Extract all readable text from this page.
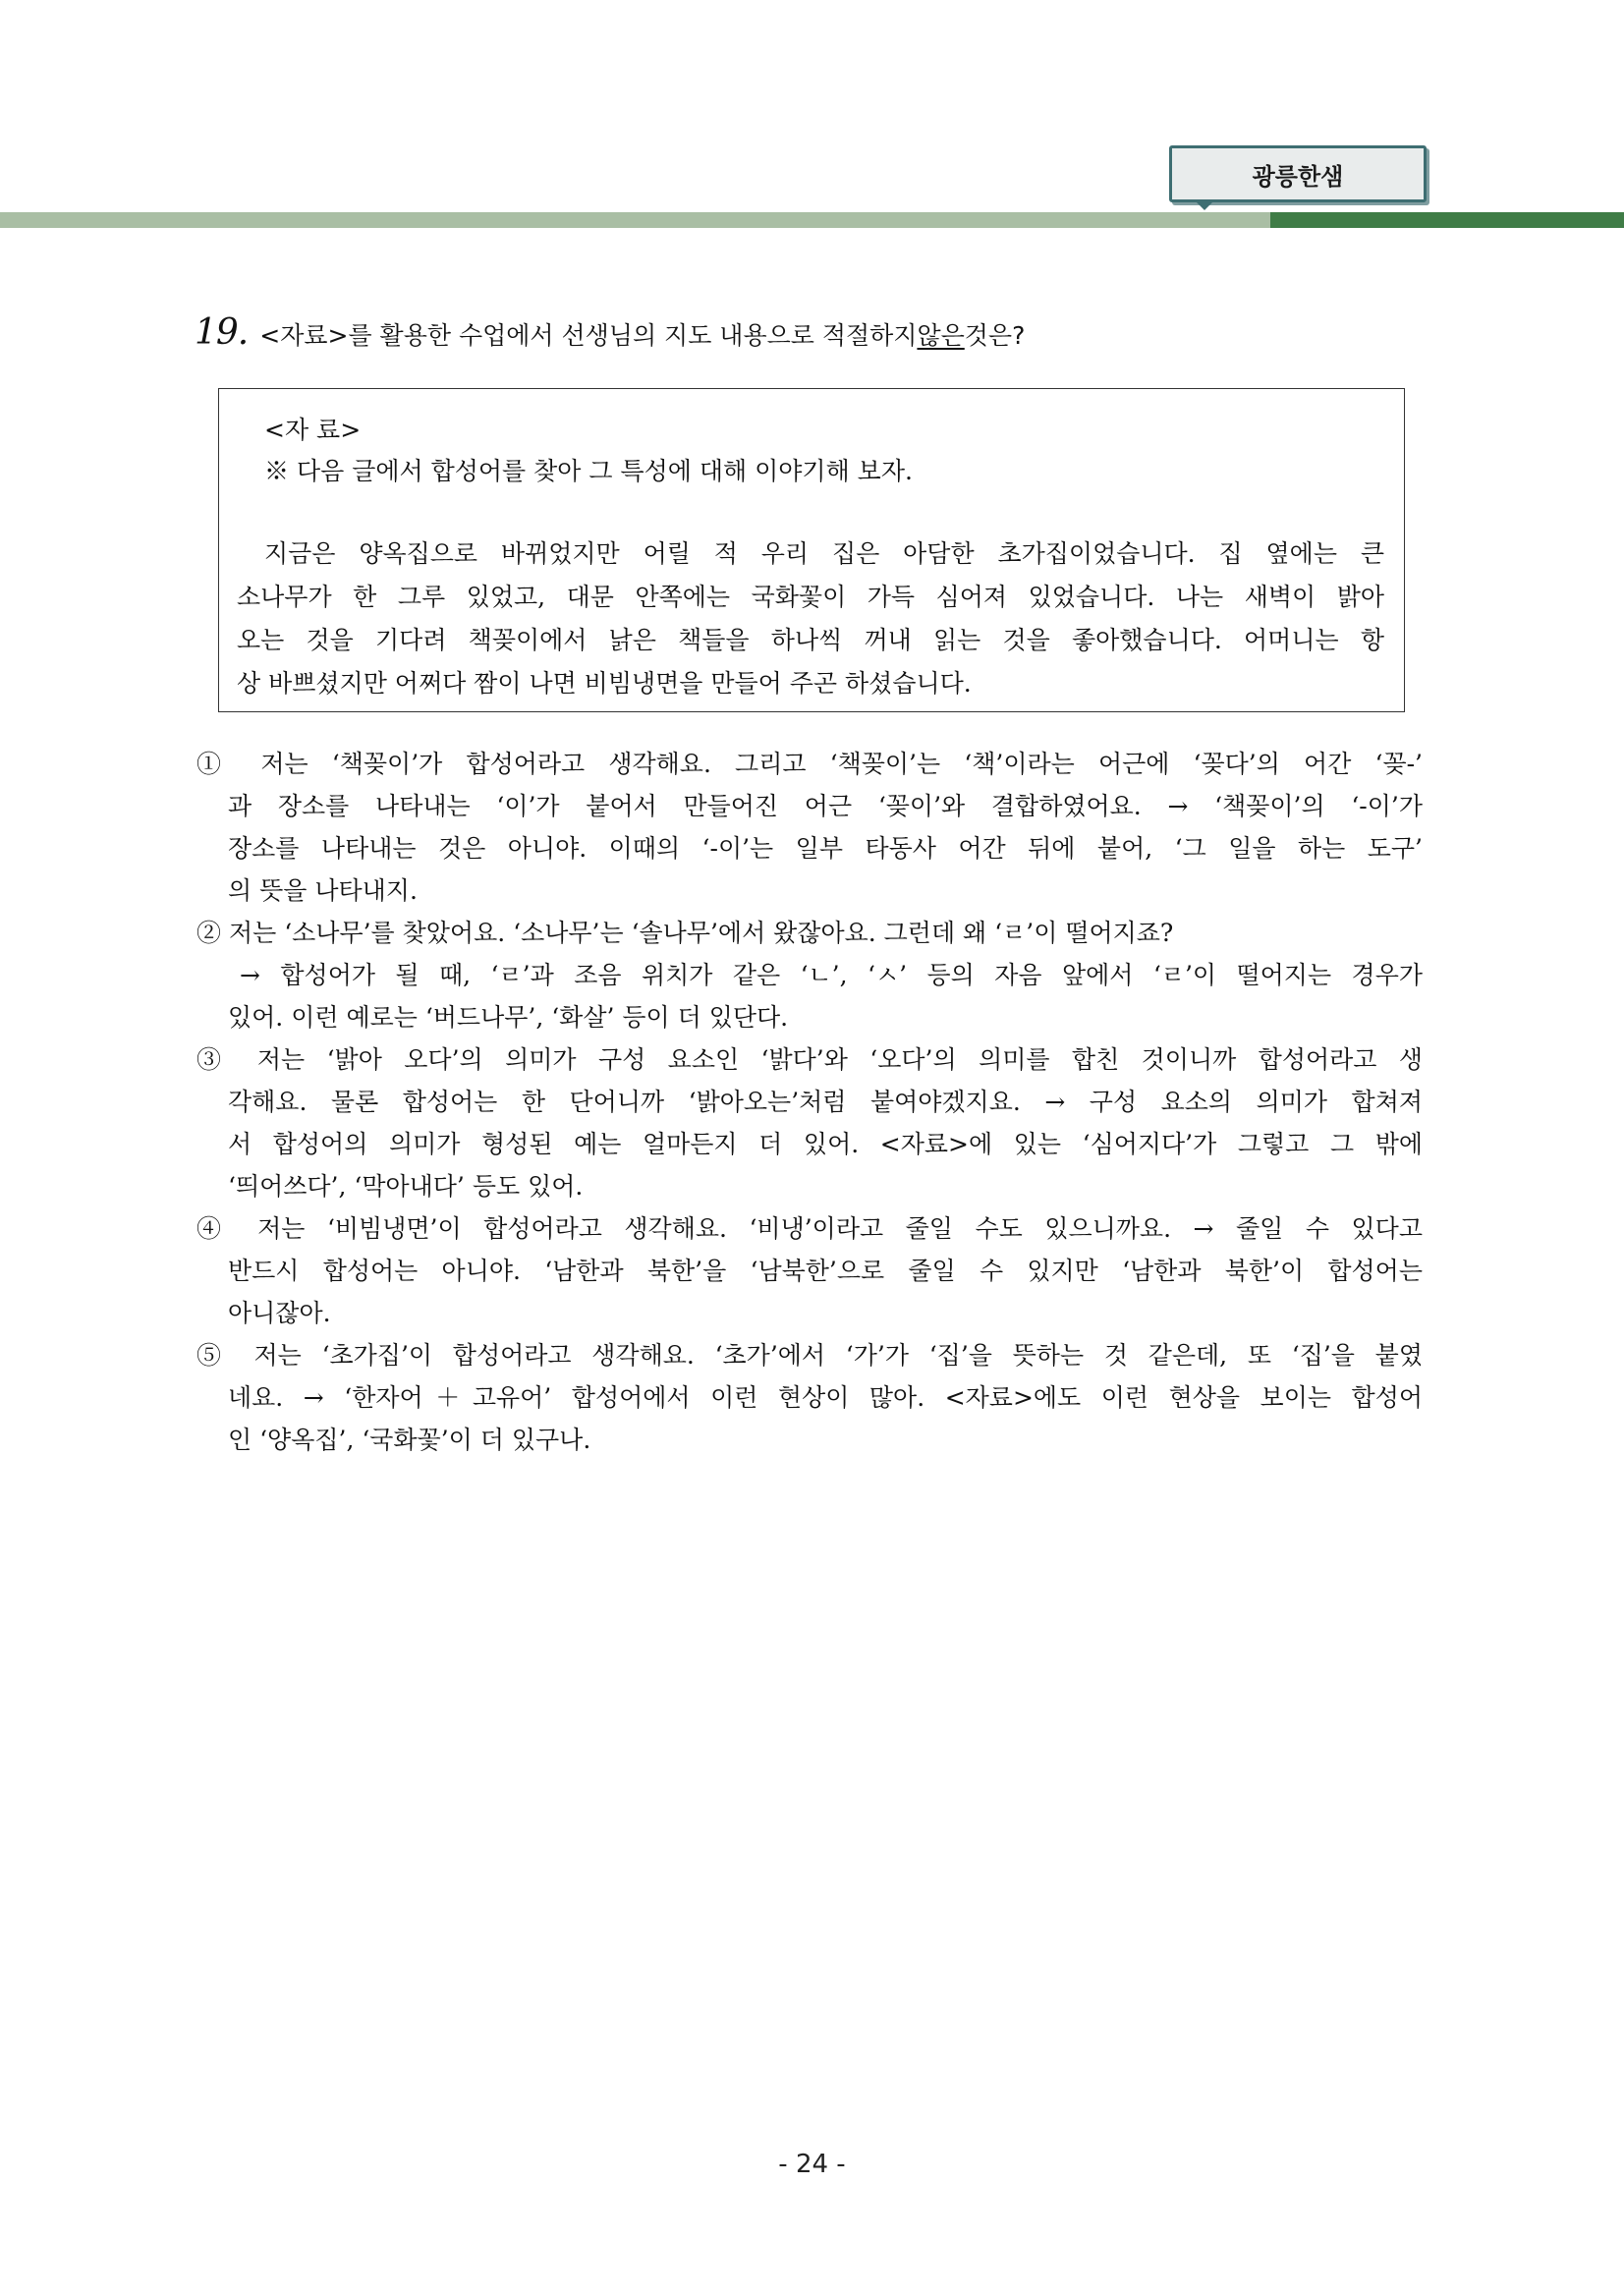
광릉한샘
19. <자료>를 활용한 수업에서 선생님의 지도 내용으로 적절하지 않은 것은?
<자 료>
※ 다음 글에서 합성어를 찾아 그 특성에 대해 이야기해 보자.
지금은 양옥집으로 바뀌었지만 어릴 적 우리 집은 아담한 초가집이었습니다. 집 옆에는 큰
소나무가 한 그루 있었고, 대문 안쪽에는 국화꽃이 가득 심어져 있었습니다. 나는 새벽이 밝아
오는 것을 기다려 책꽂이에서 낡은 책들을 하나씩 꺼내 읽는 것을 좋아했습니다. 어머니는 항
상 바쁘셨지만 어쩌다 짬이 나면 비빔냉면을 만들어 주곤 하셨습니다.
① 저는 ‘책꽂이’가 합성어라고 생각해요. 그리고 ‘책꽂이’는 ‘책’이라는 어근에 ‘꽂다’의 어간 ‘꽂-’
과 장소를 나타내는 ‘이’가 붙어서 만들어진 어근 ‘꽂이’와 결합하였어요. → ‘책꽂이’의 ‘-이’가
장소를 나타내는 것은 아니야. 이때의 ‘-이’는 일부 타동사 어간 뒤에 붙어, ‘그 일을 하는 도구’
의 뜻을 나타내지.
② 저는 ‘소나무’를 찾았어요. ‘소나무’는 ‘솔나무’에서 왔잖아요. 그런데 왜 ‘ㄹ’이 떨어지죠?
→ 합성어가 될 때, ‘ㄹ’과 조음 위치가 같은 ‘ㄴ’, ‘ㅅ’ 등의 자음 앞에서 ‘ㄹ’이 떨어지는 경우가
있어. 이런 예로는 ‘버드나무’, ‘화살’ 등이 더 있단다.
③ 저는 ‘밝아 오다’의 의미가 구성 요소인 ‘밝다’와 ‘오다’의 의미를 합친 것이니까 합성어라고 생
각해요. 물론 합성어는 한 단어니까 ‘밝아오는’처럼 붙여야겠지요. → 구성 요소의 의미가 합쳐져
서 합성어의 의미가 형성된 예는 얼마든지 더 있어. <자료>에 있는 ‘심어지다’가 그렇고 그 밖에
‘띄어쓰다’, ‘막아내다’ 등도 있어.
④ 저는 ‘비빔냉면’이 합성어라고 생각해요. ‘비냉’이라고 줄일 수도 있으니까요. → 줄일 수 있다고
반드시 합성어는 아니야. ‘남한과 북한’을 ‘남북한’으로 줄일 수 있지만 ‘남한과 북한’이 합성어는
아니잖아.
⑤ 저는 ‘초가집’이 합성어라고 생각해요. ‘초가’에서 ‘가’가 ‘집’을 뜻하는 것 같은데, 또 ‘집’을 붙였
네요. → ‘한자어＋고유어’ 합성어에서 이런 현상이 많아. <자료>에도 이런 현상을 보이는 합성어
인 ‘양옥집’, ‘국화꽃’이 더 있구나.
- 24 -
